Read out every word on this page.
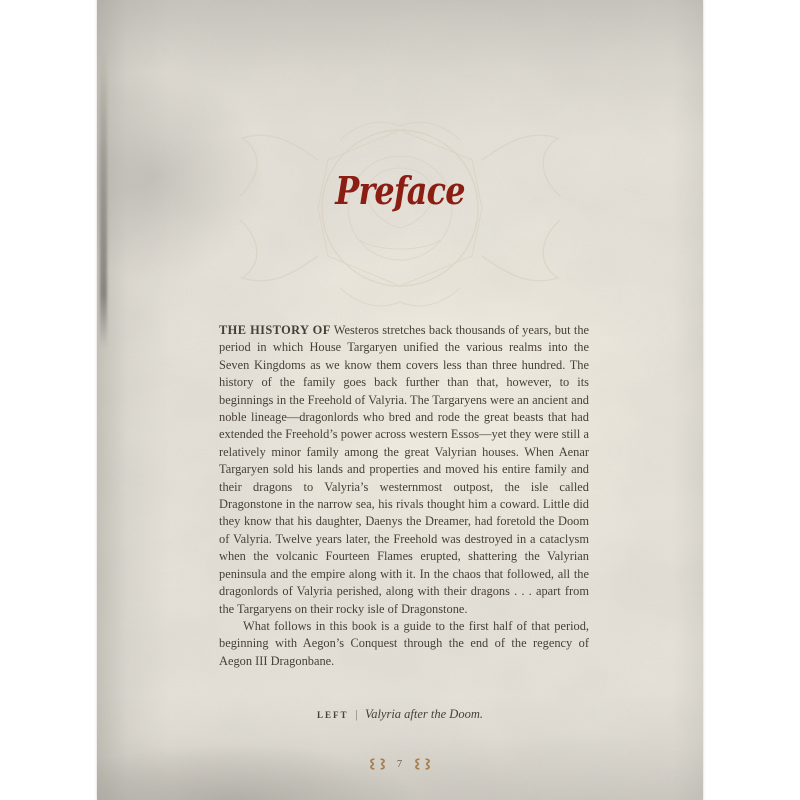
Preface

THE HISTORY OF Westeros stretches back thousands of years, but the period in which House Targaryen unified the various realms into the Seven Kingdoms as we know them covers less than three hundred. The history of the family goes back further than that, however, to its beginnings in the Freehold of Valyria. The Targaryens were an ancient and noble lineage—dragonlords who bred and rode the great beasts that had extended the Freehold’s power across western Essos—yet they were still a relatively minor family among the great Valyrian houses. When Aenar Targaryen sold his lands and properties and moved his entire family and their dragons to Valyria’s westernmost outpost, the isle called Dragonstone in the narrow sea, his rivals thought him a coward. Little did they know that his daughter, Daenys the Dreamer, had foretold the Doom of Valyria. Twelve years later, the Freehold was destroyed in a cataclysm when the volcanic Fourteen Flames erupted, shattering the Valyrian peninsula and the empire along with it. In the chaos that followed, all the dragonlords of Valyria perished, along with their dragons . . . apart from the Targaryens on their rocky isle of Dragonstone.

What follows in this book is a guide to the first half of that period, beginning with Aegon’s Conquest through the end of the regency of Aegon III Dragonbane.

LEFT | Valyria after the Doom.
7
